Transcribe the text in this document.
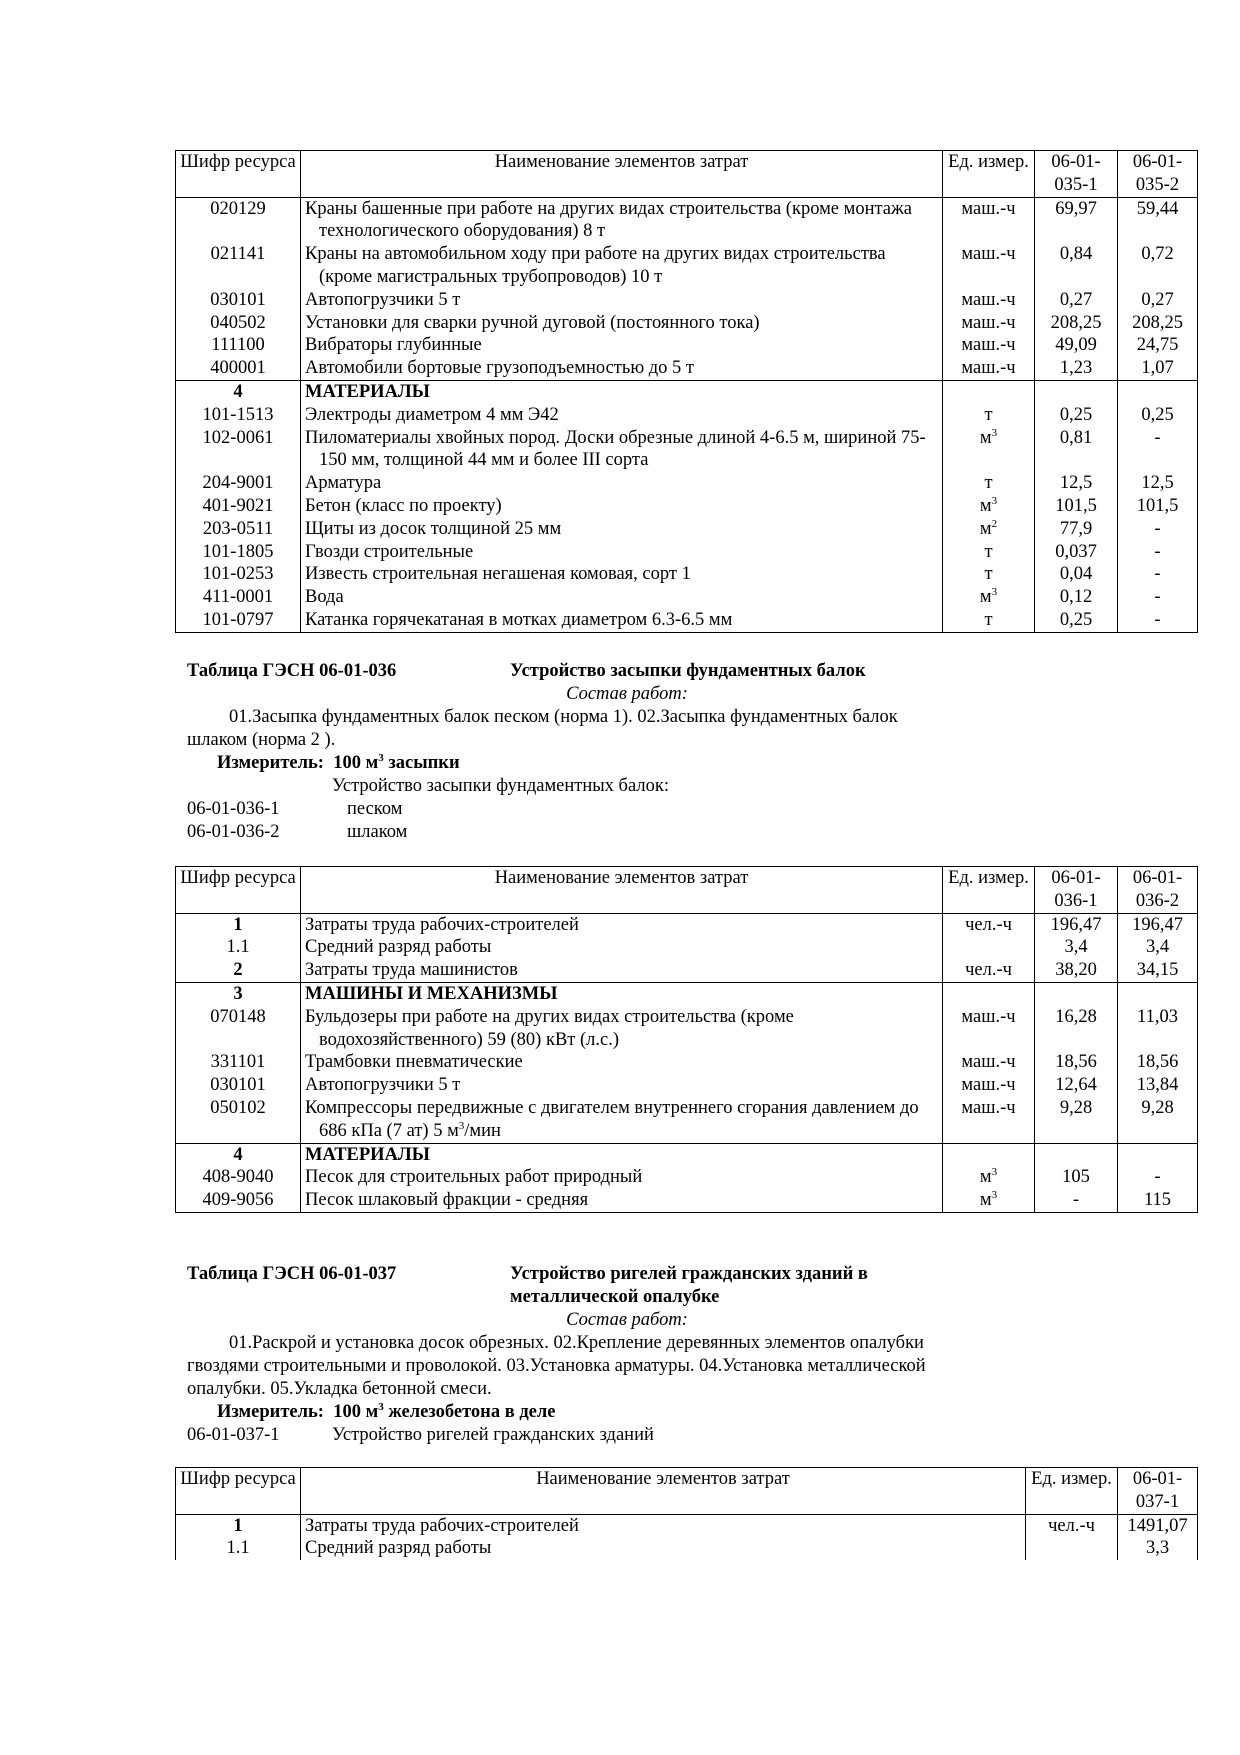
Шифр ресурса	Наименование элементов затрат	Ед. измер.	06-01-035-1	06-01-035-2
020129	Краны башенные при работе на других видах строительства (кроме монтажа технологического оборудования) 8 т	маш.-ч	69,97	59,44
021141	Краны на автомобильном ходу при работе на других видах строительства (кроме магистральных трубопроводов) 10 т	маш.-ч	0,84	0,72
030101	Автопогрузчики 5 т	маш.-ч	0,27	0,27
040502	Установки для сварки ручной дуговой (постоянного тока)	маш.-ч	208,25	208,25
111100	Вибраторы глубинные	маш.-ч	49,09	24,75
400001	Автомобили бортовые грузоподъемностью до 5 т	маш.-ч	1,23	1,07
4	МАТЕРИАЛЫ			
101-1513	Электроды диаметром 4 мм Э42	т	0,25	0,25
102-0061	Пиломатериалы хвойных пород. Доски обрезные длиной 4-6.5 м, шириной 75-150 мм, толщиной 44 мм и более III сорта	$м^3$	0,81	-
204-9001	Арматура	т	12,5	12,5
401-9021	Бетон (класс по проекту)	$м^3$	101,5	101,5
203-0511	Щиты из досок толщиной 25 мм	$м^2$	77,9	-
101-1805	Гвозди строительные	т	0,037	-
101-0253	Известь строительная негашеная комовая, сорт 1	т	0,04	-
411-0001	Вода	$м^3$	0,12	-
101-0797	Катанка горячекатаная в мотках диаметром 6.3-6.5 мм	т	0,25	-
Таблица ГЭСН 06-01-036	Устройство засыпки фундаментных балок
Состав работ:
01.Засыпка фундаментных балок песком (норма 1). 02.Засыпка фундаментных балок
шлаком (норма 2 ).
Измеритель: 100 $м^3$ засыпки
Устройство засыпки фундаментных балок:
06-01-036-1	песком
06-01-036-2	шлаком
Шифр ресурса	Наименование элементов затрат	Ед. измер.	06-01-036-1	06-01-036-2
1	Затраты труда рабочих-строителей	чел.-ч	196,47	196,47
1.1	Средний разряд работы		3,4	3,4
2	Затраты труда машинистов	чел.-ч	38,20	34,15
3	МАШИНЫ И МЕХАНИЗМЫ			
070148	Бульдозеры при работе на других видах строительства (кроме водохозяйственного) 59 (80) кВт (л.с.)	маш.-ч	16,28	11,03
331101	Трамбовки пневматические	маш.-ч	18,56	18,56
030101	Автопогрузчики 5 т	маш.-ч	12,64	13,84
050102	Компрессоры передвижные с двигателем внутреннего сгорания давлением до 686 кПа (7 ат) 5 $м^3$/мин	маш.-ч	9,28	9,28
4	МАТЕРИАЛЫ			
408-9040	Песок для строительных работ природный	$м^3$	105	-
409-9056	Песок шлаковый фракции - средняя	$м^3$	-	115
Таблица ГЭСН 06-01-037	Устройство ригелей гражданских зданий в
металлической опалубке
Состав работ:
01.Раскрой и установка досок обрезных. 02.Крепление деревянных элементов опалубки
гвоздями строительными и проволокой. 03.Установка арматуры. 04.Установка металлической
опалубки. 05.Укладка бетонной смеси.
Измеритель: 100 $м^3$ железобетона в деле
06-01-037-1	Устройство ригелей гражданских зданий
Шифр ресурса	Наименование элементов затрат	Ед. измер.	06-01-037-1
1	Затраты труда рабочих-строителей	чел.-ч	1491,07
1.1	Средний разряд работы		3,3
